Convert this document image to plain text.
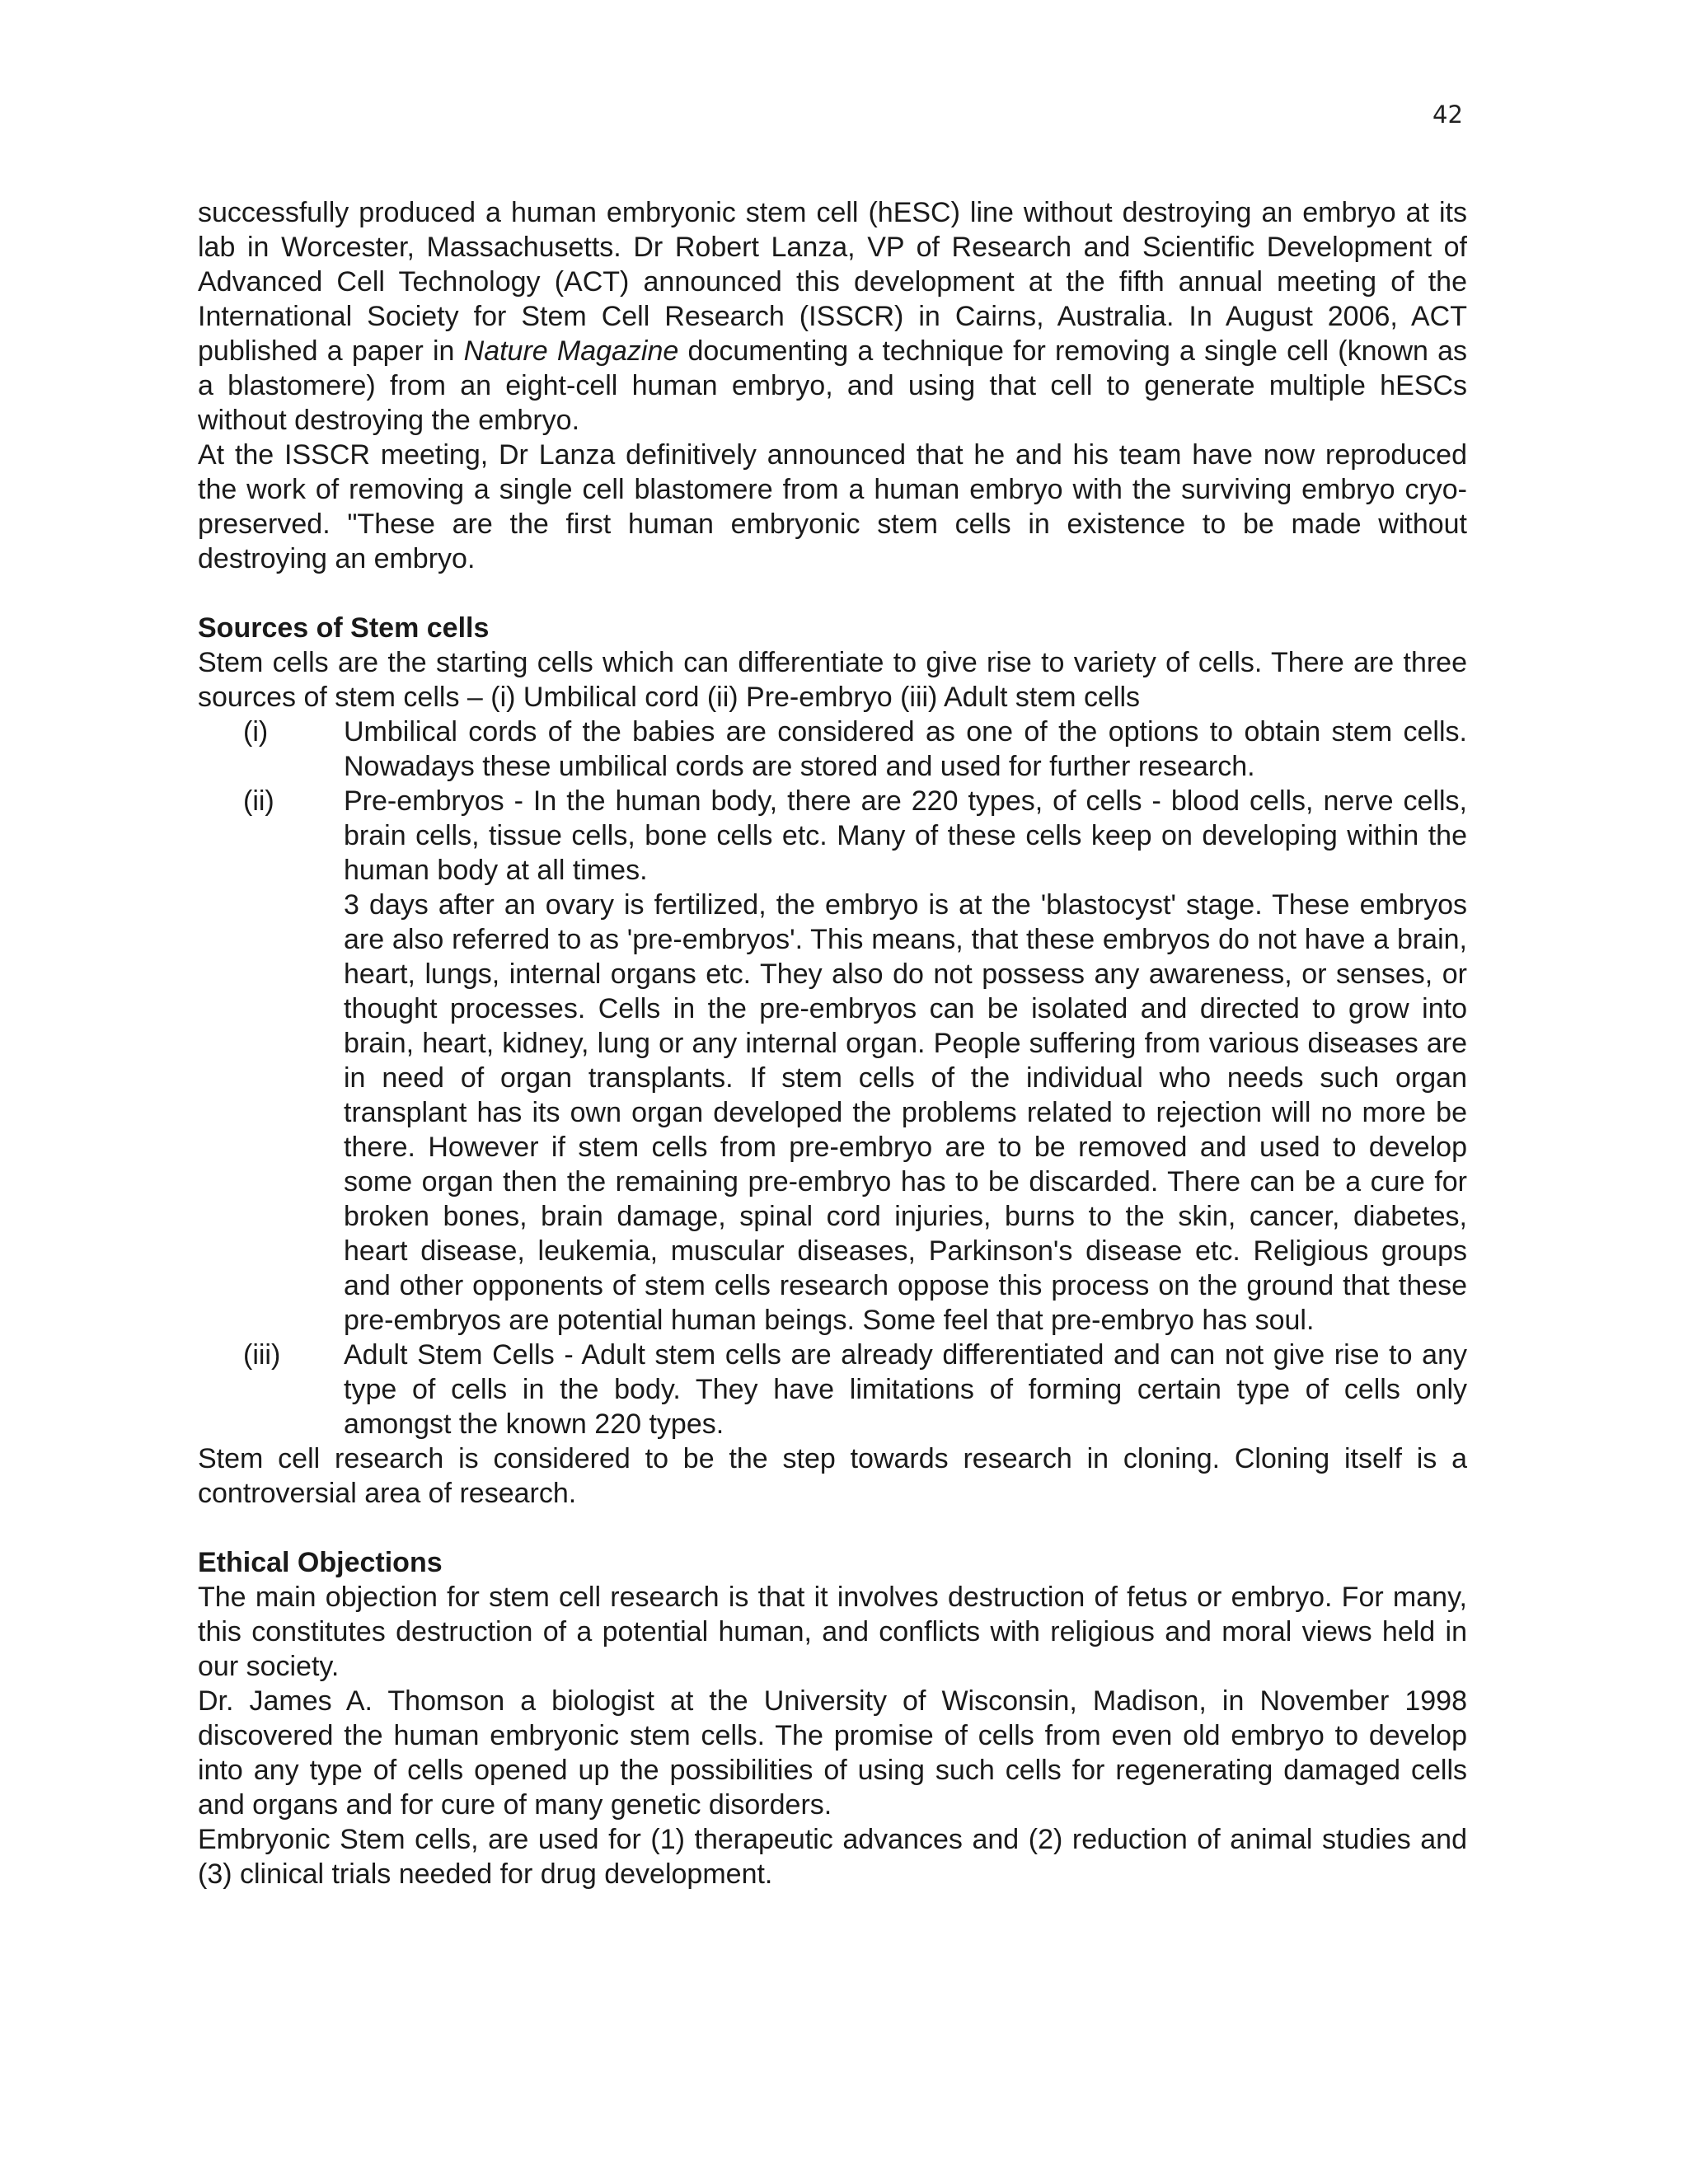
42

successfully produced a human embryonic stem cell (hESC) line without destroying an embryo at its lab in Worcester, Massachusetts. Dr Robert Lanza, VP of Research and Scientific Development of Advanced Cell Technology (ACT) announced this development at the fifth annual meeting of the International Society for Stem Cell Research (ISSCR) in Cairns, Australia. In August 2006, ACT published a paper in Nature Magazine documenting a technique for removing a single cell (known as a blastomere) from an eight-cell human embryo, and using that cell to generate multiple hESCs without destroying the embryo.

At the ISSCR meeting, Dr Lanza definitively announced that he and his team have now reproduced the work of removing a single cell blastomere from a human embryo with the surviving embryo cryo-preserved. "These are the first human embryonic stem cells in existence to be made without destroying an embryo.

Sources of Stem cells

Stem cells are the starting cells which can differentiate to give rise to variety of cells. There are three sources of stem cells – (i) Umbilical cord (ii) Pre-embryo (iii) Adult stem cells

(i)	Umbilical cords of the babies are considered as one of the options to obtain stem cells. Nowadays these umbilical cords are stored and used for further research.

(ii) Pre-embryos - In the human body, there are 220 types, of cells - blood cells, nerve cells, brain cells, tissue cells, bone cells etc. Many of these cells keep on developing within the human body at all times.

3 days after an ovary is fertilized, the embryo is at the 'blastocyst' stage. These embryos are also referred to as 'pre-embryos'. This means, that these embryos do not have a brain, heart, lungs, internal organs etc. They also do not possess any awareness, or senses, or thought processes. Cells in the pre-embryos can be isolated and directed to grow into brain, heart, kidney, lung or any internal organ. People suffering from various diseases are in need of organ transplants. If stem cells of the individual who needs such organ transplant has its own organ developed the problems related to rejection will no more be there. However if stem cells from pre-embryo are to be removed and used to develop some organ then the remaining pre-embryo has to be discarded. There can be a cure for broken bones, brain damage, spinal cord injuries, burns to the skin, cancer, diabetes, heart disease, leukemia, muscular diseases, Parkinson's disease etc. Religious groups and other opponents of stem cells research oppose this process on the ground that these pre-embryos are potential human beings. Some feel that pre-embryo has soul.

(iii) Adult Stem Cells - Adult stem cells are already differentiated and can not give rise to any type of cells in the body. They have limitations of forming certain type of cells only amongst the known 220 types.

Stem cell research is considered to be the step towards research in cloning. Cloning itself is a controversial area of research.

Ethical Objections

The main objection for stem cell research is that it involves destruction of fetus or embryo. For many, this constitutes destruction of a potential human, and conflicts with religious and moral views held in our society.

Dr. James A. Thomson a biologist at the University of Wisconsin, Madison, in November 1998 discovered the human embryonic stem cells. The promise of cells from even old embryo to develop into any type of cells opened up the possibilities of using such cells for regenerating damaged cells and organs and for cure of many genetic disorders.

Embryonic Stem cells, are used for (1) therapeutic advances and (2) reduction of animal studies and (3) clinical trials needed for drug development.
